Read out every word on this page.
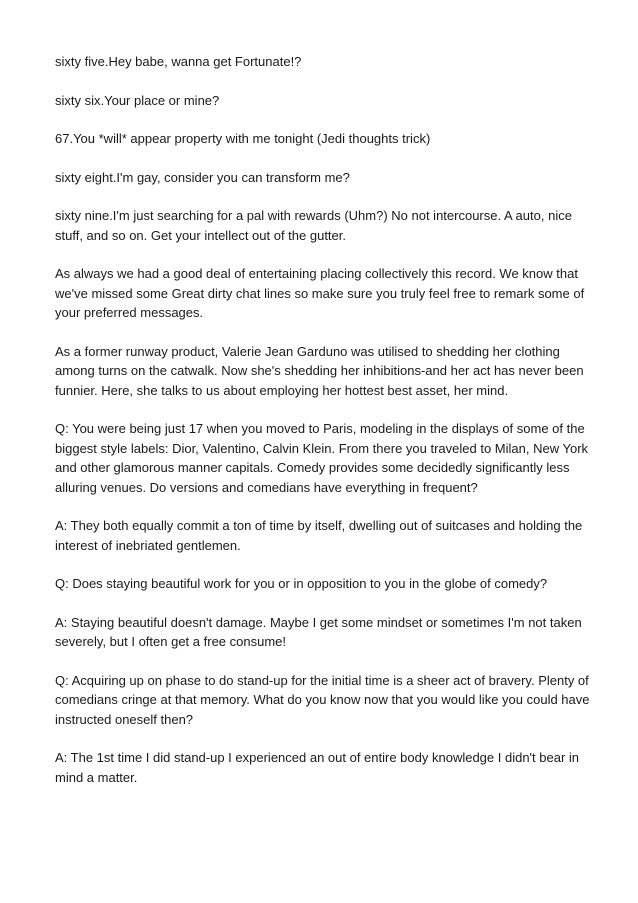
sixty five.Hey babe, wanna get Fortunate!?

sixty six.Your place or mine?

67.You *will* appear property with me tonight (Jedi thoughts trick)

sixty eight.I'm gay, consider you can transform me?

sixty nine.I'm just searching for a pal with rewards (Uhm?) No not intercourse. A auto, nice stuff, and so on. Get your intellect out of the gutter.

As always we had a good deal of entertaining placing collectively this record. We know that we've missed some Great dirty chat lines so make sure you truly feel free to remark some of your preferred messages.

As a former runway product, Valerie Jean Garduno was utilised to shedding her clothing among turns on the catwalk. Now she's shedding her inhibitions-and her act has never been funnier. Here, she talks to us about employing her hottest best asset, her mind.

Q: You were being just 17 when you moved to Paris, modeling in the displays of some of the biggest style labels: Dior, Valentino, Calvin Klein. From there you traveled to Milan, New York and other glamorous manner capitals. Comedy provides some decidedly significantly less alluring venues. Do versions and comedians have everything in frequent?

A: They both equally commit a ton of time by itself, dwelling out of suitcases and holding the interest of inebriated gentlemen.

Q: Does staying beautiful work for you or in opposition to you in the globe of comedy?

A: Staying beautiful doesn't damage. Maybe I get some mindset or sometimes I'm not taken severely, but I often get a free consume!

Q: Acquiring up on phase to do stand-up for the initial time is a sheer act of bravery. Plenty of comedians cringe at that memory. What do you know now that you would like you could have instructed oneself then?

A: The 1st time I did stand-up I experienced an out of entire body knowledge I didn't bear in mind a matter.
